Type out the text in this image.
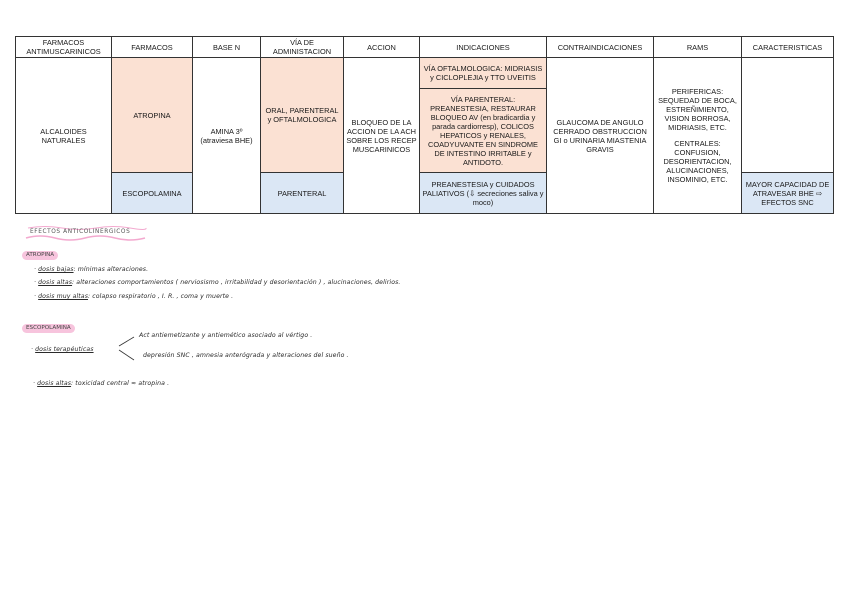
FARMACOS ANTIMUSCARINICOS	FARMACOS	BASE N	VÍA DE ADMINISTACION	ACCION	INDICACIONES	CONTRAINDICACIONES	RAMS	CARACTERISTICAS
ALCALOIDES NATURALES	ATROPINA	AMINA 3º (atraviesa BHE)	ORAL, PARENTERAL y OFTALMOLOGICA	BLOQUEO DE LA ACCION DE LA ACH SOBRE LOS RECEP MUSCARINICOS	VÍA OFTALMOLOGICA: MIDRIASIS y CICLOPLEJIA y TTO UVEITIS	GLAUCOMA DE ANGULO CERRADO OBSTRUCCION GI o URINARIA MIASTENIA GRAVIS	PERIFERICAS: SEQUEDAD DE BOCA, ESTREÑIMIENTO, VISION BORROSA, MIDRIASIS, ETC.
CENTRALES: CONFUSION, DESORIENTACION, ALUCINACIONES, INSOMINIO, ETC.	

					VÍA PARENTERAL: PREANESTESIA, RESTAURAR BLOQUEO AV (en bradicardia y parada cardiorresp), COLICOS HEPATICOS y RENALES, COADYUVANTE EN SINDROME DE INTESTINO IRRITABLE y ANTIDOTO.			
	ESCOPOLAMINA		PARENTERAL		PREANESTESIA y CUIDADOS PALIATIVOS (⇩ secreciones saliva y moco)			MAYOR CAPACIDAD DE ATRAVESAR BHE ⇨ EFECTOS SNC
EFECTOS ANTICOLINERGICOS
ATROPINA
· dosis bajas: mínimas alteraciones.
· dosis altas: alteraciones comportamientos ( nerviosismo , irritabilidad y desorientación ) , alucinaciones, delirios.
· dosis muy altas: colapso respiratorio , I. R. , coma y muerte .
ESCOPOLAMINA
· dosis terapéuticas
Act antiemetizante y antiemético asociado al vértigo .
depresión SNC , amnesia anterógrada y alteraciones del sueño .
· dosis altas: toxicidad central ≈ atropina .
